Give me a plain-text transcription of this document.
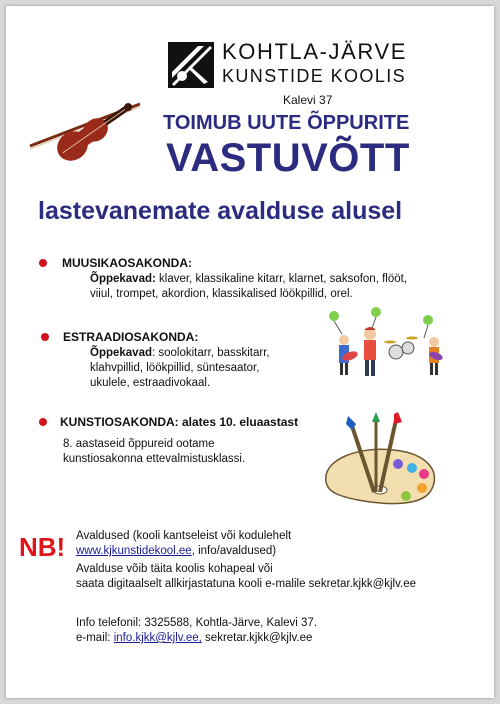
KOHTLA-JÄRVE
KUNSTIDE KOOLIS
Kalevi 37
TOIMUB UUTE ÕPPURITE
VASTUVÕTT
lastevanemate avalduse alusel
MUUSIKAOSAKONDA:
Õppekavad: klaver, klassikaline kitarr, klarnet, saksofon, flööt,
viiul, trompet, akordion, klassikalised löökpillid, orel.
ESTRAADIOSAKONDA:
Õppekavad: soolokitarr, basskitarr,
klahvpillid, löökpillid, süntesaator,
ukulele, estraadivokaal.
KUNSTIOSAKONDA: alates 10. eluaastast
8. aastaseid õppureid ootame
kunstiosakonna ettevalmistusklassi.
NB! Avaldused (kooli kantseleist või kodulehelt
www.kjkunstidekool.ee, info/avaldused)
Avalduse võib täita koolis kohapeal või
saata digitaalselt allkirjastatuna kooli e-malile sekretar.kjkk@kjlv.ee
Info telefonil: 3325588, Kohtla-Järve, Kalevi 37.
e-mail: info.kjkk@kjlv.ee, sekretar.kjkk@kjlv.ee
